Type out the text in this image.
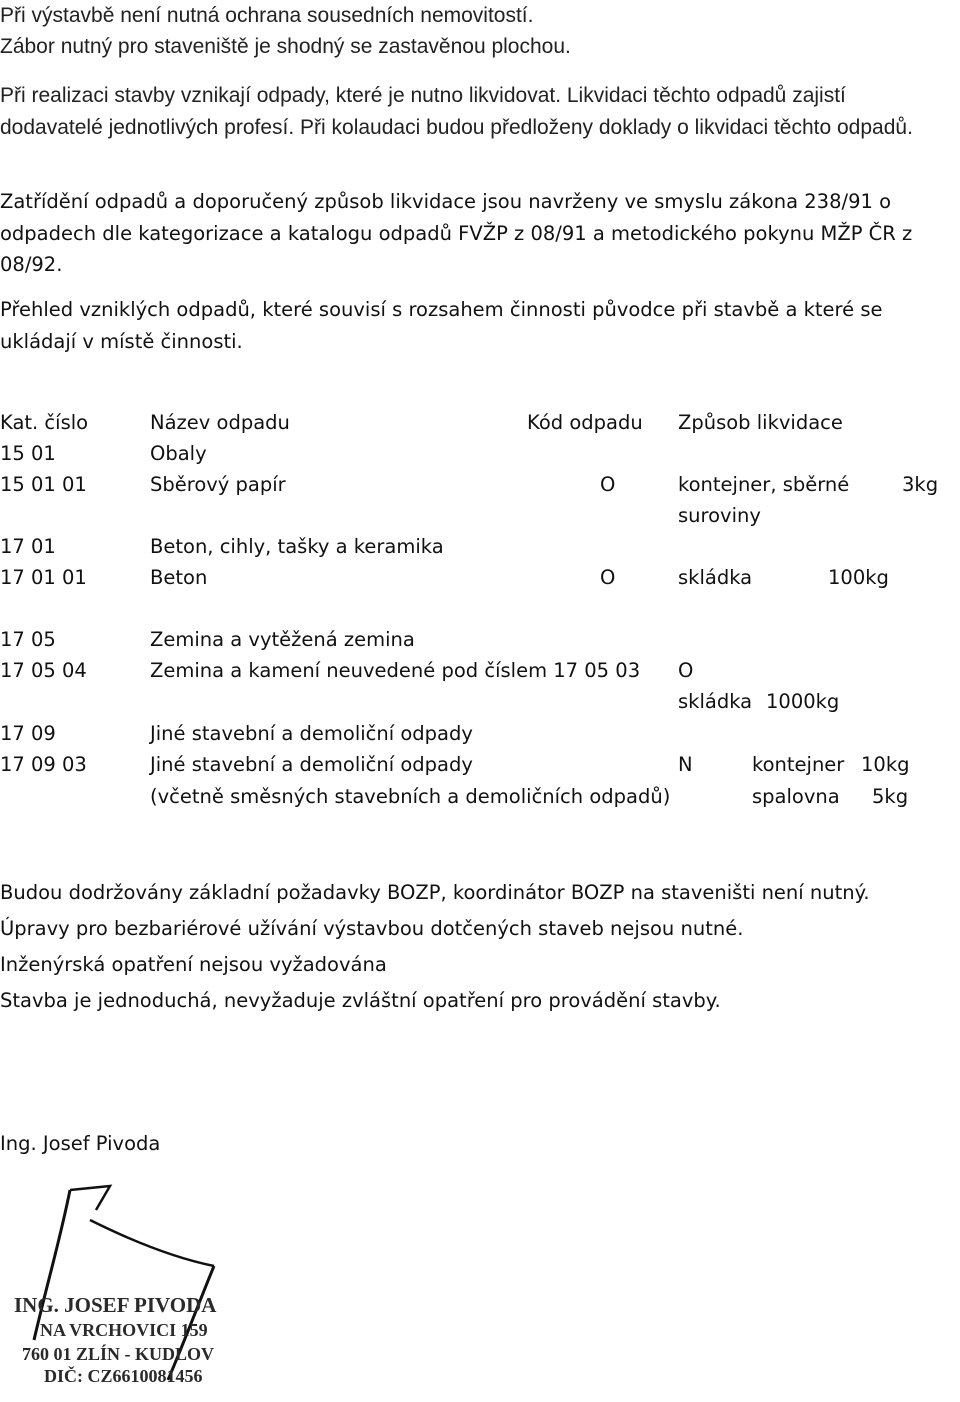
Při výstavbě není nutná ochrana sousedních nemovitostí.
Zábor nutný pro staveniště je shodný se zastavěnou plochou.
Při realizaci stavby vznikají odpady, které je nutno likvidovat. Likvidaci těchto odpadů zajistí dodavatelé jednotlivých profesí. Při kolaudaci budou předloženy doklady o likvidaci těchto odpadů.
Zatřídění odpadů a doporučený způsob likvidace jsou navrženy ve smyslu zákona 238/91 o odpadech dle kategorizace a katalogu odpadů FVŽP z 08/91 a metodického pokynu MŽP ČR z 08/92.
Přehled vzniklých odpadů, které souvisí s rozsahem činnosti původce při stavbě a které se ukládají v místě činnosti.
Kat. číslo	Název odpadu	Kód odpadu Způsob likvidace
15 01	Obaly
15 01 01	Sběrový papír	O	kontejner, sběrné	3kg
suroviny
17 01	Beton, cihly, tašky a keramika
17 01 01	Beton	O	skládka	100kg
17 05	Zemina a vytěžená zemina
17 05 04	Zemina a kamení neuvedené pod číslem 17 05 03 O
skládka 1000kg
17 09	Jiné stavební a demoliční odpady
17 09 03	Jiné stavební a demoliční odpady	N	kontejner 10kg
(včetně směsných stavebních a demoličních odpadů)	spalovna 5kg
Budou dodržovány základní požadavky BOZP, koordinátor BOZP na staveništi není nutný.
Úpravy pro bezbariérové užívání výstavbou dotčených staveb nejsou nutné.
Inženýrská opatření nejsou vyžadována
Stavba je jednoduchá, nevyžaduje zvláštní opatření pro provádění stavby.
Ing. Josef Pivoda
ING. JOSEF PIVODA
NA VRCHOVICI 159
760 01 ZLÍN - KUDLOV
DIČ: CZ6610081456
